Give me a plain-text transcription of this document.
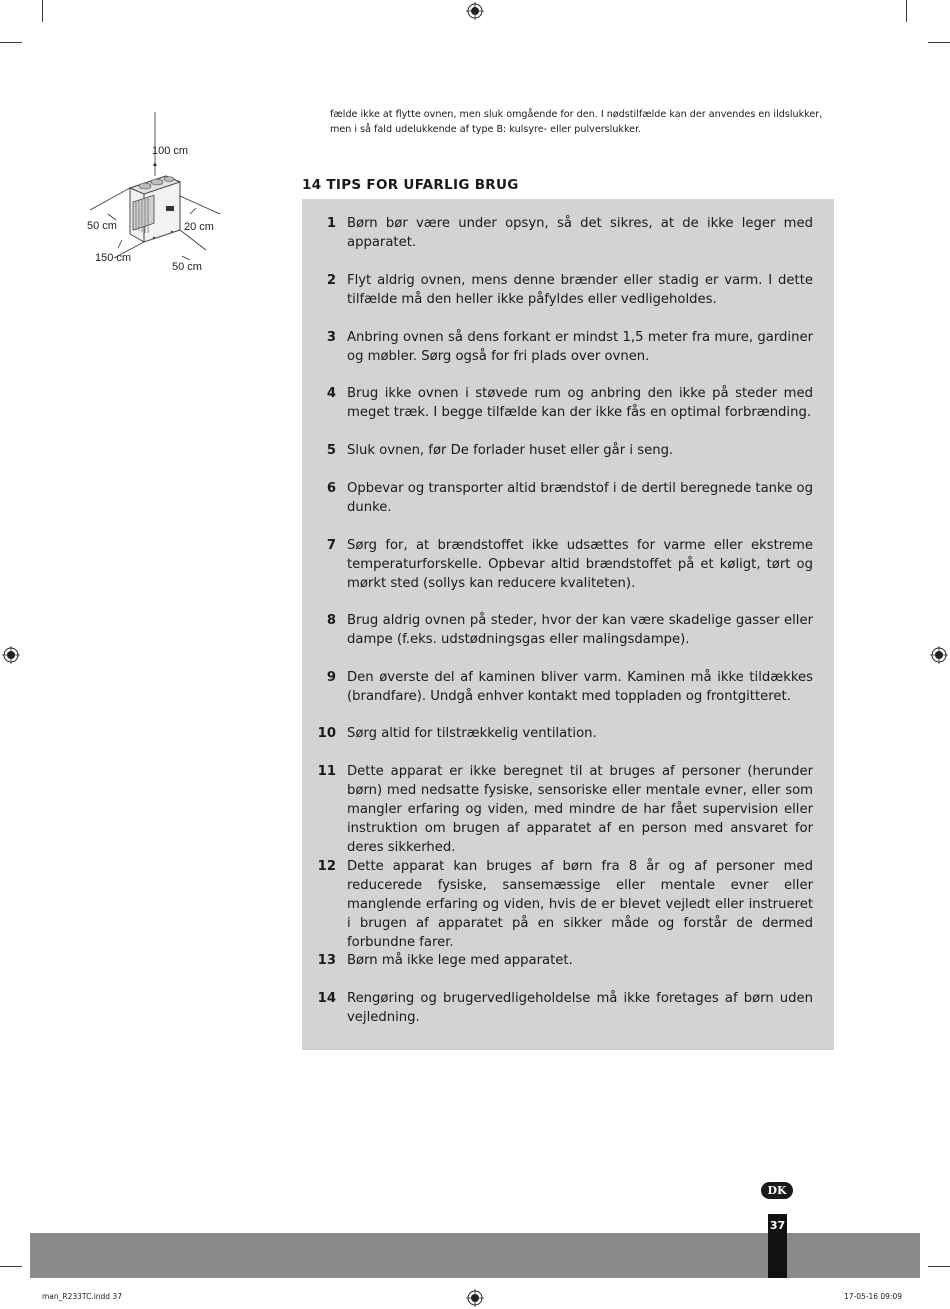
100 cm
50 cm	20 cm
150 cm
50 cm
fælde ikke at flytte ovnen, men sluk omgående for den. I nødstilfælde kan der anvendes en ildslukker, men i så fald udelukkende af type B: kulsyre- eller pulverslukker.
14 TIPS FOR UFARLIG BRUG
1 Børn bør være under opsyn, så det sikres, at de ikke leger med apparatet.
2 Flyt aldrig ovnen, mens denne brænder eller stadig er varm. I dette tilfælde må den heller ikke påfyldes eller vedligeholdes.
3 Anbring ovnen så dens forkant er mindst 1,5 meter fra mure, gardiner og møbler. Sørg også for fri plads over ovnen.
4 Brug ikke ovnen i støvede rum og anbring den ikke på steder med meget træk. I begge tilfælde kan der ikke fås en optimal forbrænding.
5 Sluk ovnen, før De forlader huset eller går i seng.
6 Opbevar og transporter altid brændstof i de dertil beregnede tanke og dunke.
7 Sørg for, at brændstoffet ikke udsættes for varme eller ekstreme temperaturforskelle. Opbevar altid brændstoffet på et køligt, tørt og mørkt sted (sollys kan reducere kvaliteten).
8 Brug aldrig ovnen på steder, hvor der kan være skadelige gasser eller dampe (f.eks. udstødningsgas eller malingsdampe).
9 Den øverste del af kaminen bliver varm. Kaminen må ikke tildækkes (brandfare). Undgå enhver kontakt med toppladen og frontgitteret.
10 Sørg altid for tilstrækkelig ventilation.
11 Dette apparat er ikke beregnet til at bruges af personer (herunder børn) med nedsatte fysiske, sensoriske eller mentale evner, eller som mangler erfaring og viden, med mindre de har fået supervision eller instruktion om brugen af apparatet af en person med ansvaret for deres sikkerhed.
12 Dette apparat kan bruges af børn fra 8 år og af personer med reducerede fysiske, sansemæssige eller mentale evner eller manglende erfaring og viden, hvis de er blevet vejledt eller instrueret i brugen af apparatet på en sikker måde og forstår de dermed forbundne farer.
13 Børn må ikke lege med apparatet.
14 Rengøring og brugervedligeholdelse må ikke foretages af børn uden vejledning.
DK
37
man_R233TC.indd 37	17-05-16 09:09
